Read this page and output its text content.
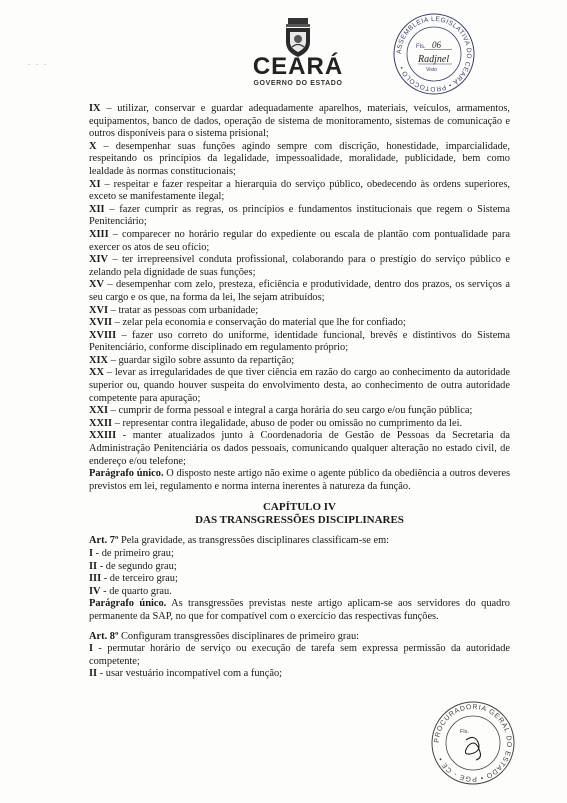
CEARÁ
GOVERNO DO ESTADO
. . .
ASSEMBLEIA LEGISLATIVA DO CEARÁ • PROTOCOLO •
Fls. 06
Radjnel
Visto

IX – utilizar, conservar e guardar adequadamente aparelhos, materiais, veículos, armamentos, equipamentos, banco de dados, operação de sistema de monitoramento, sistemas de comunicação e outros disponíveis para o sistema prisional;

X – desempenhar suas funções agindo sempre com discrição, honestidade, imparcialidade, respeitando os princípios da legalidade, impessoalidade, moralidade, publicidade, bem como lealdade às normas constitucionais;

XI – respeitar e fazer respeitar a hierarquia do serviço público, obedecendo às ordens superiores, exceto se manifestamente ilegal;

XII – fazer cumprir as regras, os princípios e fundamentos institucionais que regem o Sistema Penitenciário;

XIII – comparecer no horário regular do expediente ou escala de plantão com pontualidade para exercer os atos de seu ofício;

XIV – ter irrepreensível conduta profissional, colaborando para o prestígio do serviço público e zelando pela dignidade de suas funções;

XV – desempenhar com zelo, presteza, eficiência e produtividade, dentro dos prazos, os serviços a seu cargo e os que, na forma da lei, lhe sejam atribuídos;

XVI – tratar as pessoas com urbanidade;

XVII – zelar pela economia e conservação do material que lhe for confiado;

XVIII – fazer uso correto do uniforme, identidade funcional, brevês e distintivos do Sistema Penitenciário, conforme disciplinado em regulamento próprio;

XIX – guardar sigilo sobre assunto da repartição;

XX – levar as irregularidades de que tiver ciência em razão do cargo ao conhecimento da autoridade superior ou, quando houver suspeita do envolvimento desta, ao conhecimento de outra autoridade competente para apuração;

XXI – cumprir de forma pessoal e integral a carga horária do seu cargo e/ou função pública;

XXII – representar contra ilegalidade, abuso de poder ou omissão no cumprimento da lei.

XXIII - manter atualizados junto à Coordenadoria de Gestão de Pessoas da Secretaria da Administração Penitenciária os dados pessoais, comunicando qualquer alteração no estado civil, de endereço e/ou telefone;

Parágrafo único. O disposto neste artigo não exime o agente público da obediência a outros deveres previstos em lei, regulamento e norma interna inerentes à natureza da função.

CAPÍTULO IV
DAS TRANSGRESSÕES DISCIPLINARES

Art. 7º Pela gravidade, as transgressões disciplinares classificam-se em:

I - de primeiro grau;

II - de segundo grau;

III - de terceiro grau;

IV - de quarto grau.

Parágrafo único. As transgressões previstas neste artigo aplicam-se aos servidores do quadro permanente da SAP, no que for compatível com o exercício das respectivas funções.

Art. 8º Configuram transgressões disciplinares de primeiro grau:

I - permutar horário de serviço ou execução de tarefa sem expressa permissão da autoridade competente;

II - usar vestuário incompatível com a função;

PROCURADORIA GERAL DO ESTADO • PGE - CE •
Fls.
